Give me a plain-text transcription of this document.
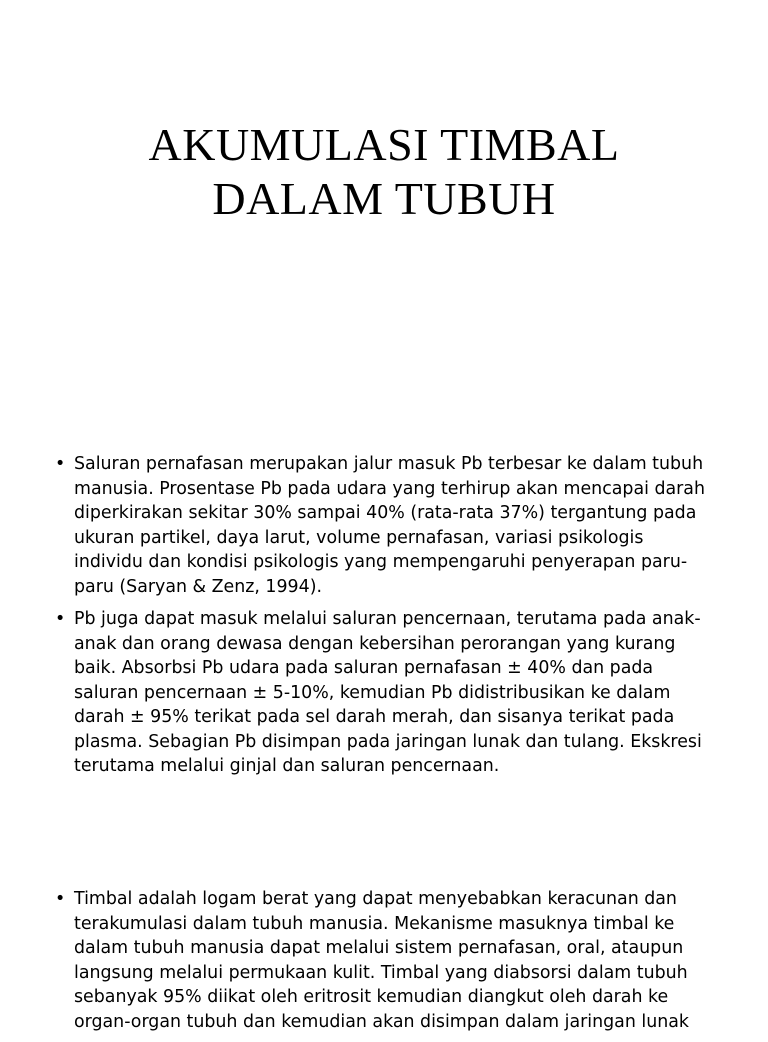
AKUMULASI TIMBAL
DALAM TUBUH
• Saluran pernafasan merupakan jalur masuk Pb terbesar ke dalam tubuh manusia. Prosentase Pb pada udara yang terhirup akan mencapai darah diperkirakan sekitar 30% sampai 40% (rata-rata 37%) tergantung pada ukuran partikel, daya larut, volume pernafasan, variasi psikologis individu dan kondisi psikologis yang mempengaruhi penyerapan paru-paru (Saryan & Zenz, 1994).
• Pb juga dapat masuk melalui saluran pencernaan, terutama pada anak-anak dan orang dewasa dengan kebersihan perorangan yang kurang baik. Absorbsi Pb udara pada saluran pernafasan ± 40% dan pada saluran pencernaan ± 5-10%, kemudian Pb didistribusikan ke dalam darah ± 95% terikat pada sel darah merah, dan sisanya terikat pada plasma. Sebagian Pb disimpan pada jaringan lunak dan tulang. Ekskresi terutama melalui ginjal dan saluran pencernaan.
• Timbal adalah logam berat yang dapat menyebabkan keracunan dan terakumulasi dalam tubuh manusia. Mekanisme masuknya timbal ke dalam tubuh manusia dapat melalui sistem pernafasan, oral, ataupun langsung melalui permukaan kulit. Timbal yang diabsorsi dalam tubuh sebanyak 95% diikat oleh eritrosit kemudian diangkut oleh darah ke organ-organ tubuh dan kemudian akan disimpan dalam jaringan lunak
